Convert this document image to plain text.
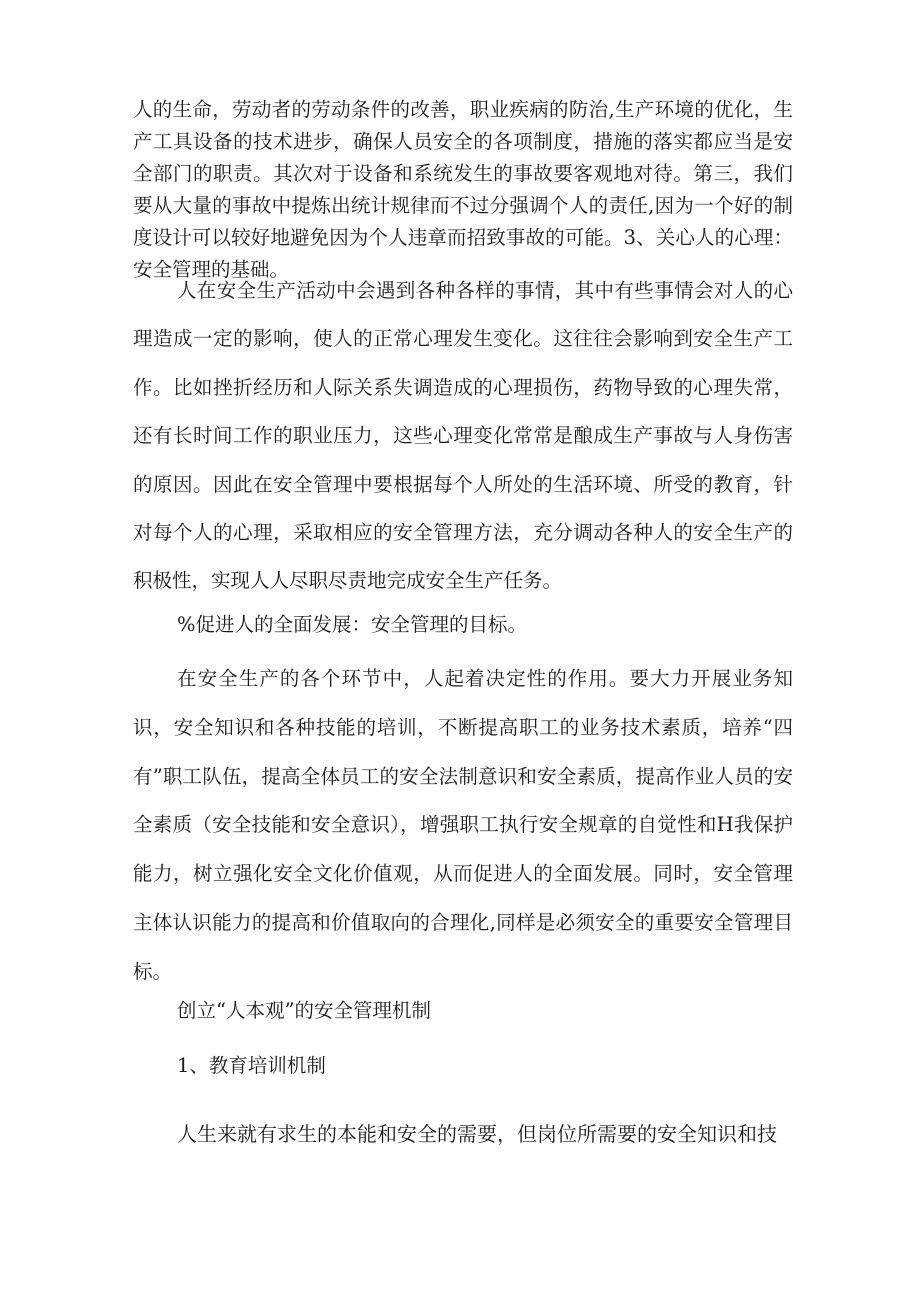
人的生命，劳动者的劳动条件的改善，职业疾病的防治,生产环境的优化，生产工具设备的技术进步，确保人员安全的各项制度，措施的落实都应当是安全部门的职责。其次对于设备和系统发生的事故要客观地对待。第三，我们要从大量的事故中提炼出统计规律而不过分强调个人的责任,因为一个好的制度设计可以较好地避免因为个人违章而招致事故的可能。3、关心人的心理：安全管理的基础。

人在安全生产活动中会遇到各种各样的事情，其中有些事情会对人的心理造成一定的影响，使人的正常心理发生变化。这往往会影响到安全生产工作。比如挫折经历和人际关系失调造成的心理损伤，药物导致的心理失常，还有长时间工作的职业压力，这些心理变化常常是酿成生产事故与人身伤害的原因。因此在安全管理中要根据每个人所处的生活环境、所受的教育，针对每个人的心理，采取相应的安全管理方法，充分调动各种人的安全生产的积极性，实现人人尽职尽责地完成安全生产任务。

%促进人的全面发展：安全管理的目标。

在安全生产的各个环节中，人起着决定性的作用。要大力开展业务知识，安全知识和各种技能的培训，不断提高职工的业务技术素质，培养“四有”职工队伍，提高全体员工的安全法制意识和安全素质，提高作业人员的安全素质（安全技能和安全意识），增强职工执行安全规章的自觉性和H我保护能力，树立强化安全文化价值观，从而促进人的全面发展。同时，安全管理主体认识能力的提高和价值取向的合理化,同样是必须安全的重要安全管理目标。

创立“人本观”的安全管理机制

1、教育培训机制

人生来就有求生的本能和安全的需要，但岗位所需要的安全知识和技
